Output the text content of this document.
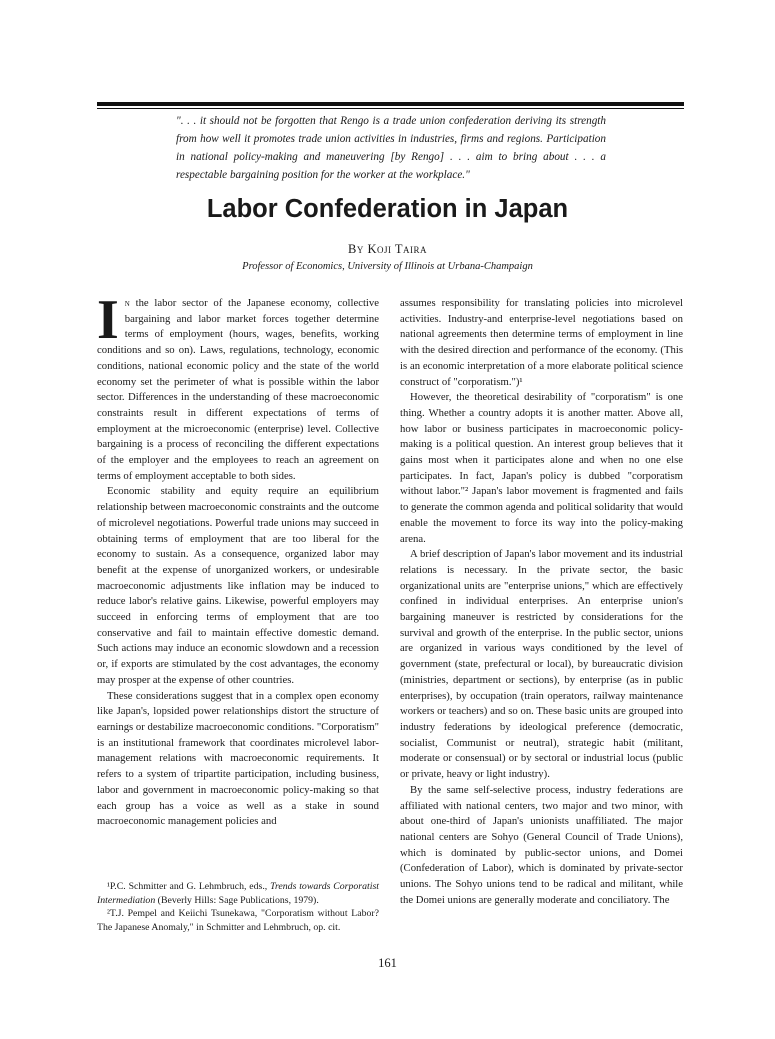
". . . it should not be forgotten that Rengo is a trade union confederation deriving its strength from how well it promotes trade union activities in industries, firms and regions. Participation in national policy-making and maneuvering [by Rengo] . . . aim to bring about . . . a respectable bargaining position for the worker at the workplace."
Labor Confederation in Japan
By Koji Taira
Professor of Economics, University of Illinois at Urbana-Champaign

In the labor sector of the Japanese economy, collective bargaining and labor market forces together determine terms of employment (hours, wages, benefits, working conditions and so on). Laws, regulations, technology, economic conditions, national economic policy and the state of the world economy set the perimeter of what is possible within the labor sector. Differences in the understanding of these macroeconomic constraints result in different expectations of terms of employment at the microeconomic (enterprise) level. Collective bargaining is a process of reconciling the different expectations of the employer and the employees to reach an agreement on terms of employment acceptable to both sides.

Economic stability and equity require an equilibrium relationship between macroeconomic constraints and the outcome of microlevel negotiations. Powerful trade unions may succeed in obtaining terms of employment that are too liberal for the economy to sustain. As a consequence, organized labor may benefit at the expense of unorganized workers, or undesirable macroeconomic adjustments like inflation may be induced to reduce labor's relative gains. Likewise, powerful employers may succeed in enforcing terms of employment that are too conservative and fail to maintain effective domestic demand. Such actions may induce an economic slowdown and a recession or, if exports are stimulated by the cost advantages, the economy may prosper at the expense of other countries.

These considerations suggest that in a complex open economy like Japan's, lopsided power relationships distort the structure of earnings or destabilize macroeconomic conditions. "Corporatism" is an institutional framework that coordinates microlevel labor-management relations with macroeconomic requirements. It refers to a system of tripartite participation, including business, labor and government in macroeconomic policy-making so that each group has a voice as well as a stake in sound macroeconomic management policies and

¹P.C. Schmitter and G. Lehmbruch, eds., Trends towards Corporatist Intermediation (Beverly Hills: Sage Publications, 1979).

²T.J. Pempel and Keiichi Tsunekawa, "Corporatism without Labor? The Japanese Anomaly," in Schmitter and Lehmbruch, op. cit.

assumes responsibility for translating policies into microlevel activities. Industry-and enterprise-level negotiations based on national agreements then determine terms of employment in line with the desired direction and performance of the economy. (This is an economic interpretation of a more elaborate political science construct of "corporatism.")¹

However, the theoretical desirability of "corporatism" is one thing. Whether a country adopts it is another matter. Above all, how labor or business participates in macroeconomic policy-making is a political question. An interest group believes that it gains most when it participates alone and when no one else participates. In fact, Japan's policy is dubbed "corporatism without labor."² Japan's labor movement is fragmented and fails to generate the common agenda and political solidarity that would enable the movement to force its way into the policy-making arena.

A brief description of Japan's labor movement and its industrial relations is necessary. In the private sector, the basic organizational units are "enterprise unions," which are effectively confined in individual enterprises. An enterprise union's bargaining maneuver is restricted by considerations for the survival and growth of the enterprise. In the public sector, unions are organized in various ways conditioned by the level of government (state, prefectural or local), by bureaucratic division (ministries, department or sections), by enterprise (as in public enterprises), by occupation (train operators, railway maintenance workers or teachers) and so on. These basic units are grouped into industry federations by ideological preference (democratic, socialist, Communist or neutral), strategic habit (militant, moderate or consensual) or by sectoral or industrial locus (public or private, heavy or light industry).

By the same self-selective process, industry federations are affiliated with national centers, two major and two minor, with about one-third of Japan's unionists unaffiliated. The major national centers are Sohyo (General Council of Trade Unions), which is dominated by public-sector unions, and Domei (Confederation of Labor), which is dominated by private-sector unions. The Sohyo unions tend to be radical and militant, while the Domei unions are generally moderate and conciliatory. The

161
